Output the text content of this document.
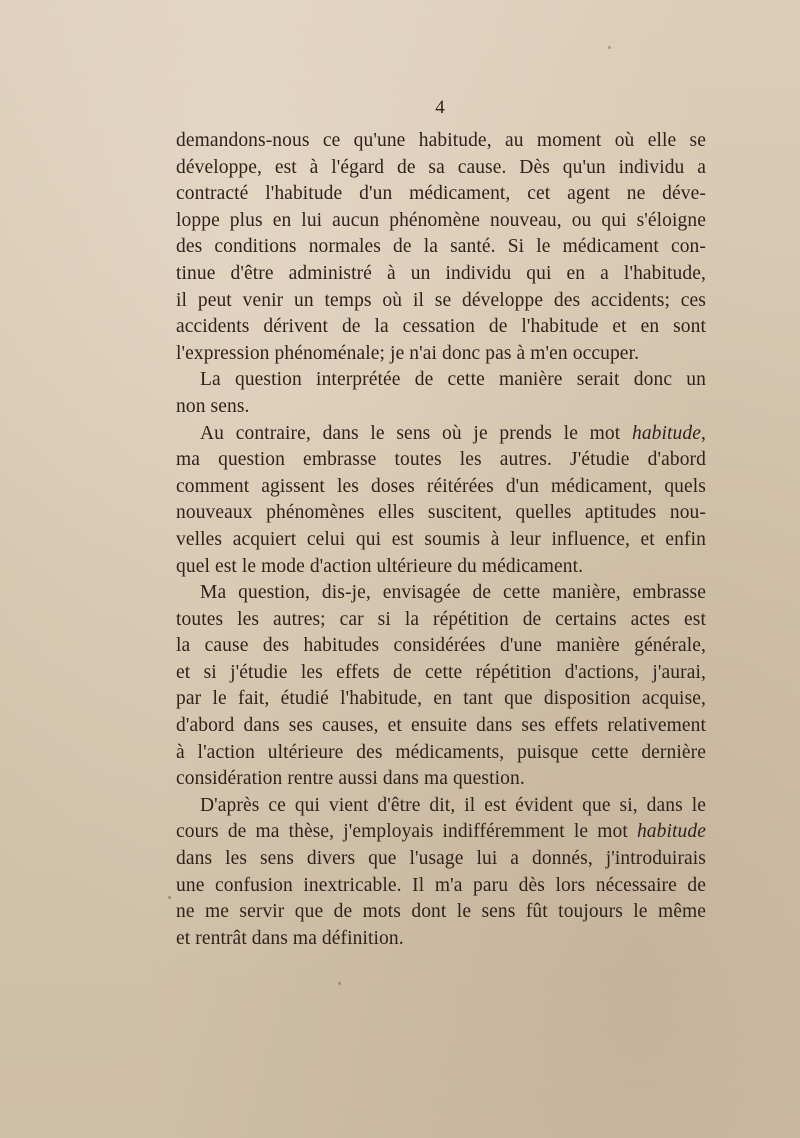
4
demandons-nous ce qu'une habitude, au moment où elle se
développe, est à l'égard de sa cause. Dès qu'un individu a
contracté l'habitude d'un médicament, cet agent ne déve-
loppe plus en lui aucun phénomène nouveau, ou qui s'éloigne
des conditions normales de la santé. Si le médicament con-
tinue d'être administré à un individu qui en a l'habitude,
il peut venir un temps où il se développe des accidents; ces
accidents dérivent de la cessation de l'habitude et en sont
l'expression phénoménale; je n'ai donc pas à m'en occuper.
La question interprétée de cette manière serait donc un
non sens.
Au contraire, dans le sens où je prends le mot habitude,
ma question embrasse toutes les autres. J'étudie d'abord
comment agissent les doses réitérées d'un médicament, quels
nouveaux phénomènes elles suscitent, quelles aptitudes nou-
velles acquiert celui qui est soumis à leur influence, et enfin
quel est le mode d'action ultérieure du médicament.
Ma question, dis-je, envisagée de cette manière, embrasse
toutes les autres; car si la répétition de certains actes est
la cause des habitudes considérées d'une manière générale,
et si j'étudie les effets de cette répétition d'actions, j'aurai,
par le fait, étudié l'habitude, en tant que disposition acquise,
d'abord dans ses causes, et ensuite dans ses effets relativement
à l'action ultérieure des médicaments, puisque cette dernière
considération rentre aussi dans ma question.
D'après ce qui vient d'être dit, il est évident que si, dans le
cours de ma thèse, j'employais indifféremment le mot habitude
dans les sens divers que l'usage lui a donnés, j'introduirais
une confusion inextricable. Il m'a paru dès lors nécessaire de
ne me servir que de mots dont le sens fût toujours le même
et rentrât dans ma définition.
